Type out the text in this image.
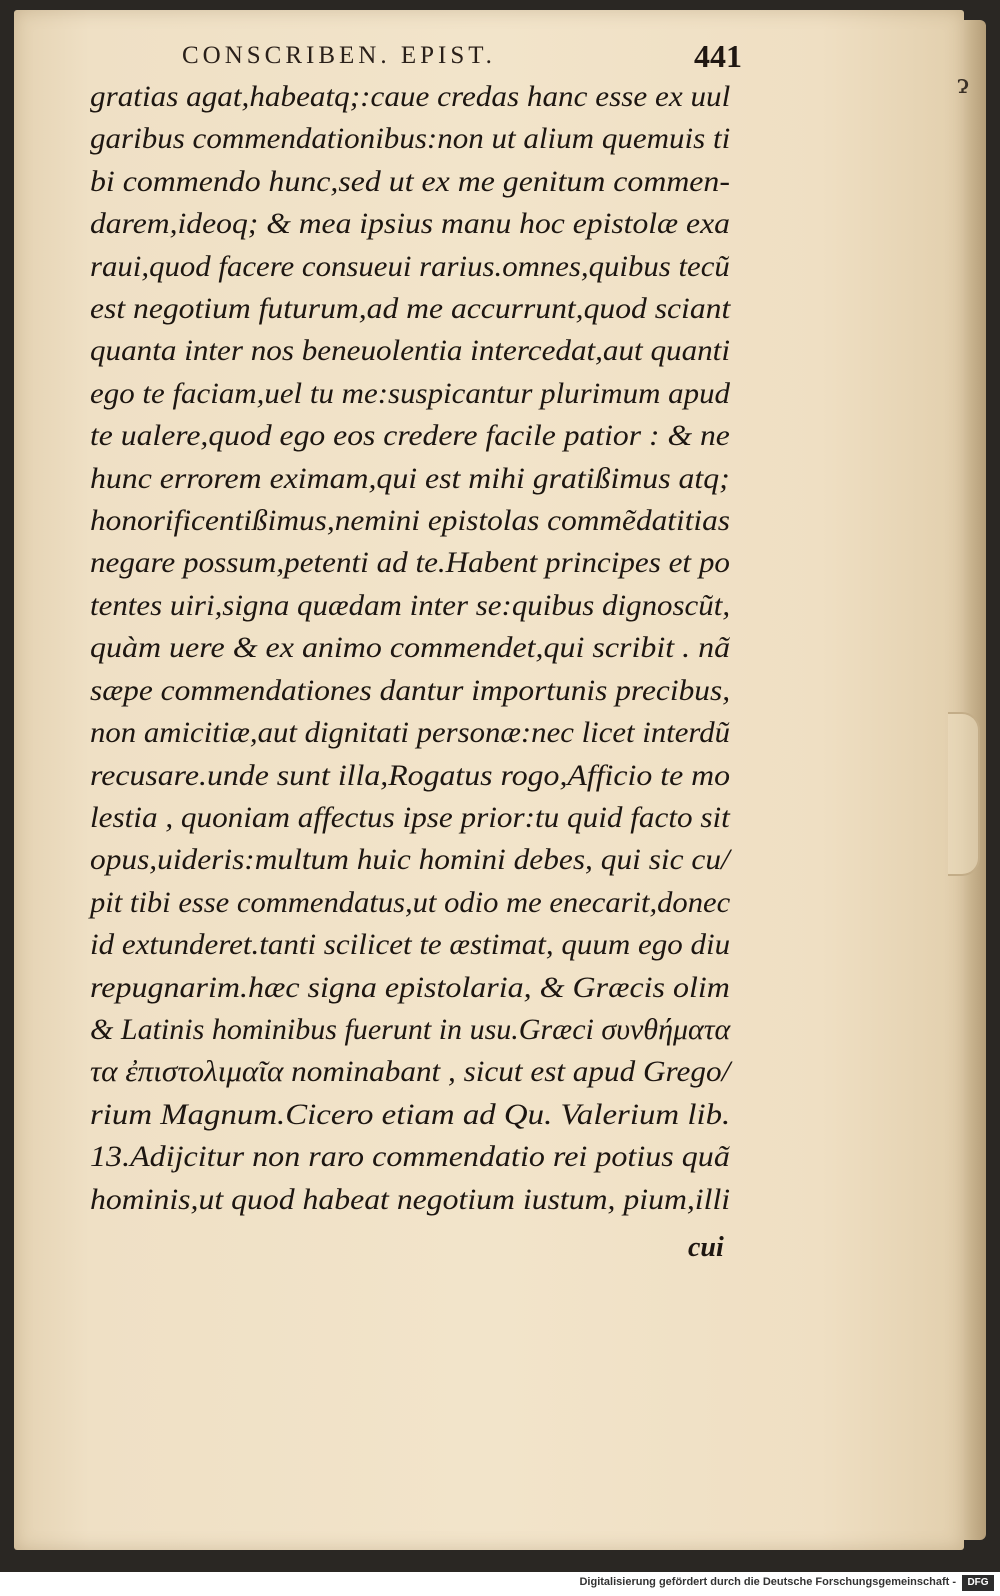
ɂ
CONSCRIBEN. EPIST.	441
gratias agat,habeatq;:caue credas hanc esse ex uul
garibus commendationibus:non ut alium quemuis ti
bi commendo hunc,sed ut ex me genitum commen-
darem,ideoq; & mea ipsius manu hoc epistolæ exa
raui,quod facere consueui rarius.omnes,quibus tecũ
est negotium futurum,ad me accurrunt,quod sciant
quanta inter nos beneuolentia intercedat,aut quanti
ego te faciam,uel tu me:suspicantur plurimum apud
te ualere,quod ego eos credere facile patior : & ne
hunc errorem eximam,qui est mihi gratißimus atq;
honorificentißimus,nemini epistolas commẽdatitias
negare possum,petenti ad te.Habent principes et po
tentes uiri,signa quædam inter se:quibus dignoscũt,
quàm uere & ex animo commendet,qui scribit . nã
sæpe commendationes dantur importunis precibus,
non amicitiæ,aut dignitati personæ:nec licet interdũ
recusare.unde sunt illa,Rogatus rogo,Afficio te mo
lestia , quoniam affectus ipse prior:tu quid facto sit
opus,uideris:multum huic homini debes, qui sic cu/
pit tibi esse commendatus,ut odio me enecarit,donec
id extunderet.tanti scilicet te æstimat, quum ego diu
repugnarim.hæc signa epistolaria, & Græcis olim
& Latinis hominibus fuerunt in usu.Græci συνθήματα
τα ἐπιστολιμαῖα nominabant , sicut est apud Grego/
rium Magnum.Cicero etiam ad Qu. Valerium lib.
13.Adijcitur non raro commendatio rei potius quã
hominis,ut quod habeat negotium iustum, pium,illi
cui
Digitalisierung gefördert durch die Deutsche Forschungsgemeinschaft -	DFG
